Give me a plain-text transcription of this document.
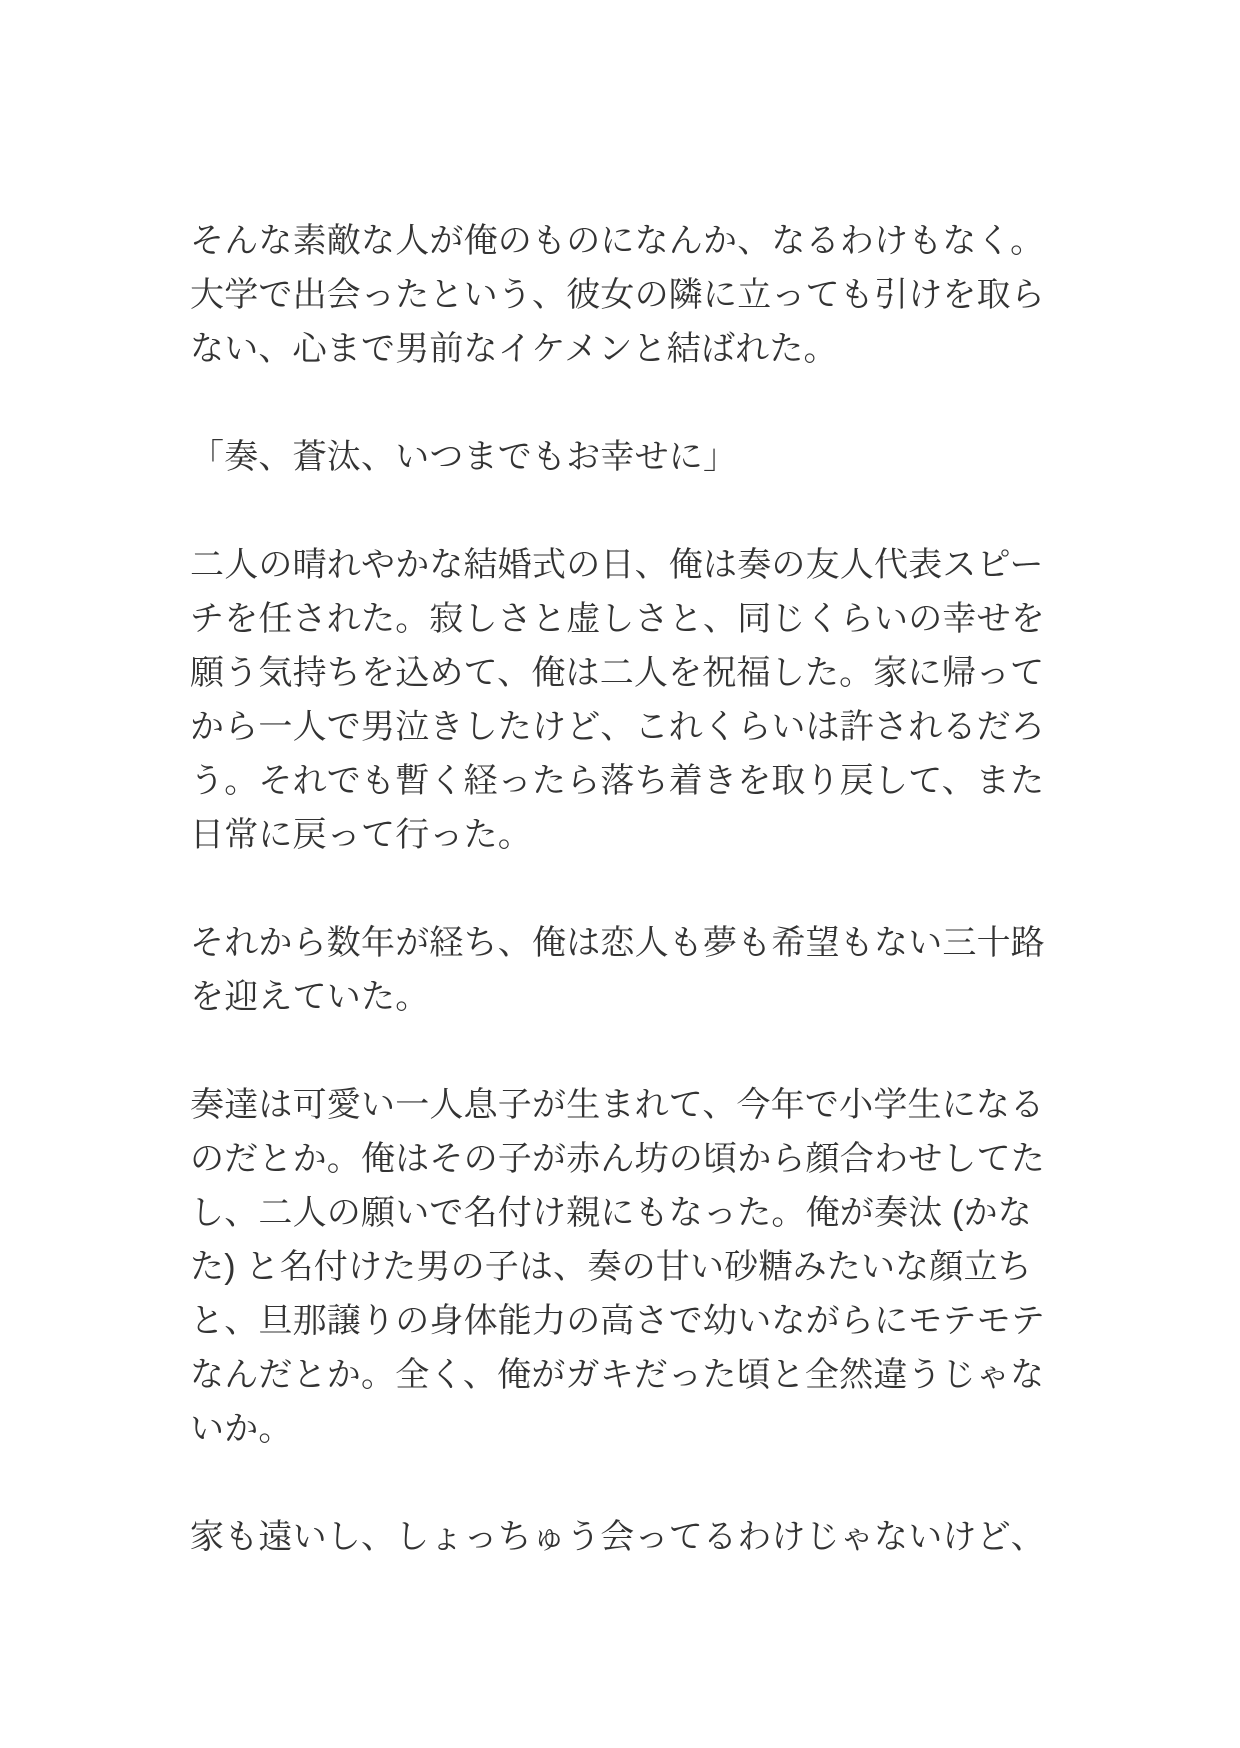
そんな素敵な人が俺のものになんか、なるわけもなく。
大学で出会ったという、彼女の隣に立っても引けを取ら
ない、心まで男前なイケメンと結ばれた。

「奏、蒼汰、いつまでもお幸せに」

二人の晴れやかな結婚式の日、俺は奏の友人代表スピー
チを任された。寂しさと虚しさと、同じくらいの幸せを
願う気持ちを込めて、俺は二人を祝福した。家に帰って
から一人で男泣きしたけど、これくらいは許されるだろ
う。それでも暫く経ったら落ち着きを取り戻して、また
日常に戻って行った。

それから数年が経ち、俺は恋人も夢も希望もない三十路
を迎えていた。

奏達は可愛い一人息子が生まれて、今年で小学生になる
のだとか。俺はその子が赤ん坊の頃から顔合わせしてた
し、二人の願いで名付け親にもなった。俺が奏汰 (かな
た) と名付けた男の子は、奏の甘い砂糖みたいな顔立ち
と、旦那譲りの身体能力の高さで幼いながらにモテモテ
なんだとか。全く、俺がガキだった頃と全然違うじゃな
いか。

家も遠いし、しょっちゅう会ってるわけじゃないけど、
